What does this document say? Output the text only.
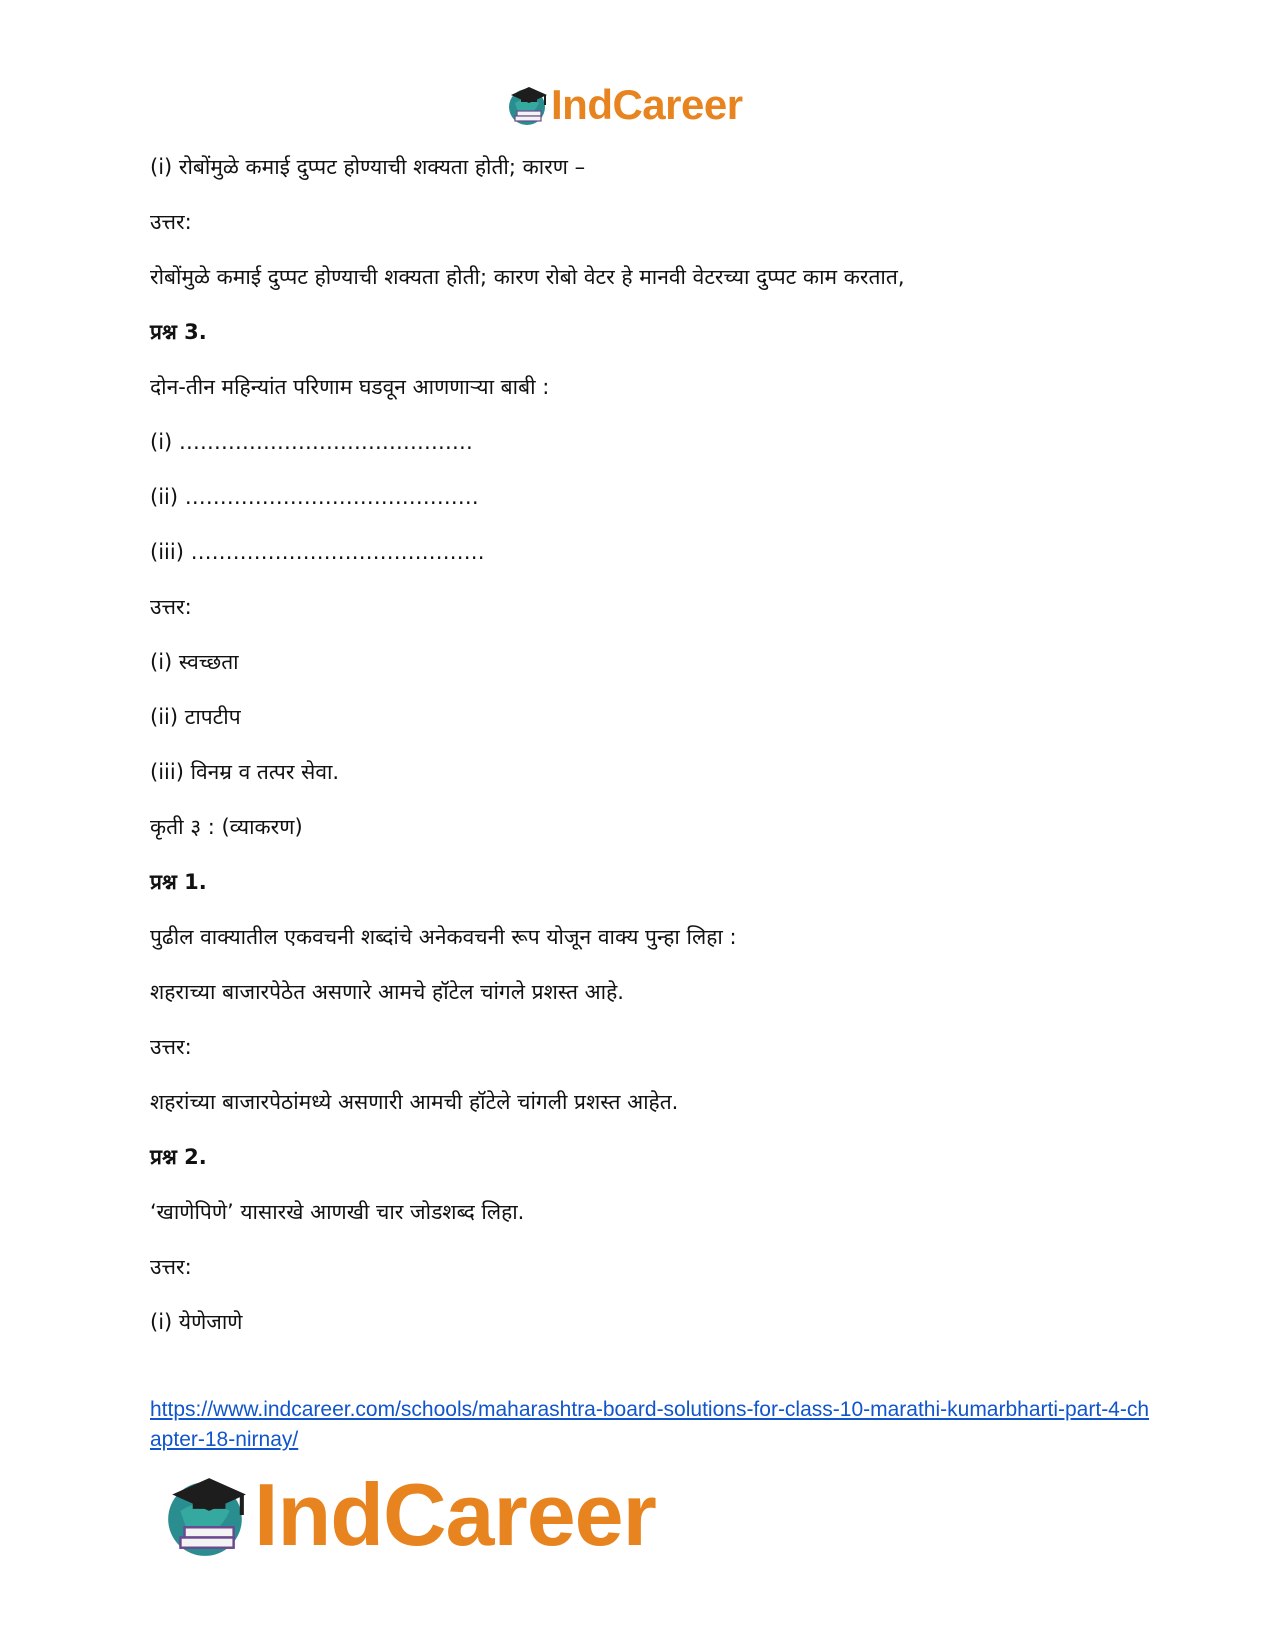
IndCareer
(i) रोबोंमुळे कमाई दुप्पट होण्याची शक्यता होती; कारण –
उत्तर:
रोबोंमुळे कमाई दुप्पट होण्याची शक्यता होती; कारण रोबो वेटर हे मानवी वेटरच्या दुप्पट काम करतात,
प्रश्न 3.
दोन-तीन महिन्यांत परिणाम घडवून आणणाऱ्या बाबी :
(i) ……………………………………
(ii) ……………………………………
(iii) ……………………………………
उत्तर:
(i) स्वच्छता
(ii) टापटीप
(iii) विनम्र व तत्पर सेवा.
कृती ३ : (व्याकरण)
प्रश्न 1.
पुढील वाक्यातील एकवचनी शब्दांचे अनेकवचनी रूप योजून वाक्य पुन्हा लिहा :
शहराच्या बाजारपेठेत असणारे आमचे हॉटेल चांगले प्रशस्त आहे.
उत्तर:
शहरांच्या बाजारपेठांमध्ये असणारी आमची हॉटेले चांगली प्रशस्त आहेत.
प्रश्न 2.
‘खाणेपिणे’ यासारखे आणखी चार जोडशब्द लिहा.
उत्तर:
(i) येणेजाणे
https://www.indcareer.com/schools/maharashtra-board-solutions-for-class-10-marathi-kumarbharti-part-4-chapter-18-nirnay/
IndCareer
